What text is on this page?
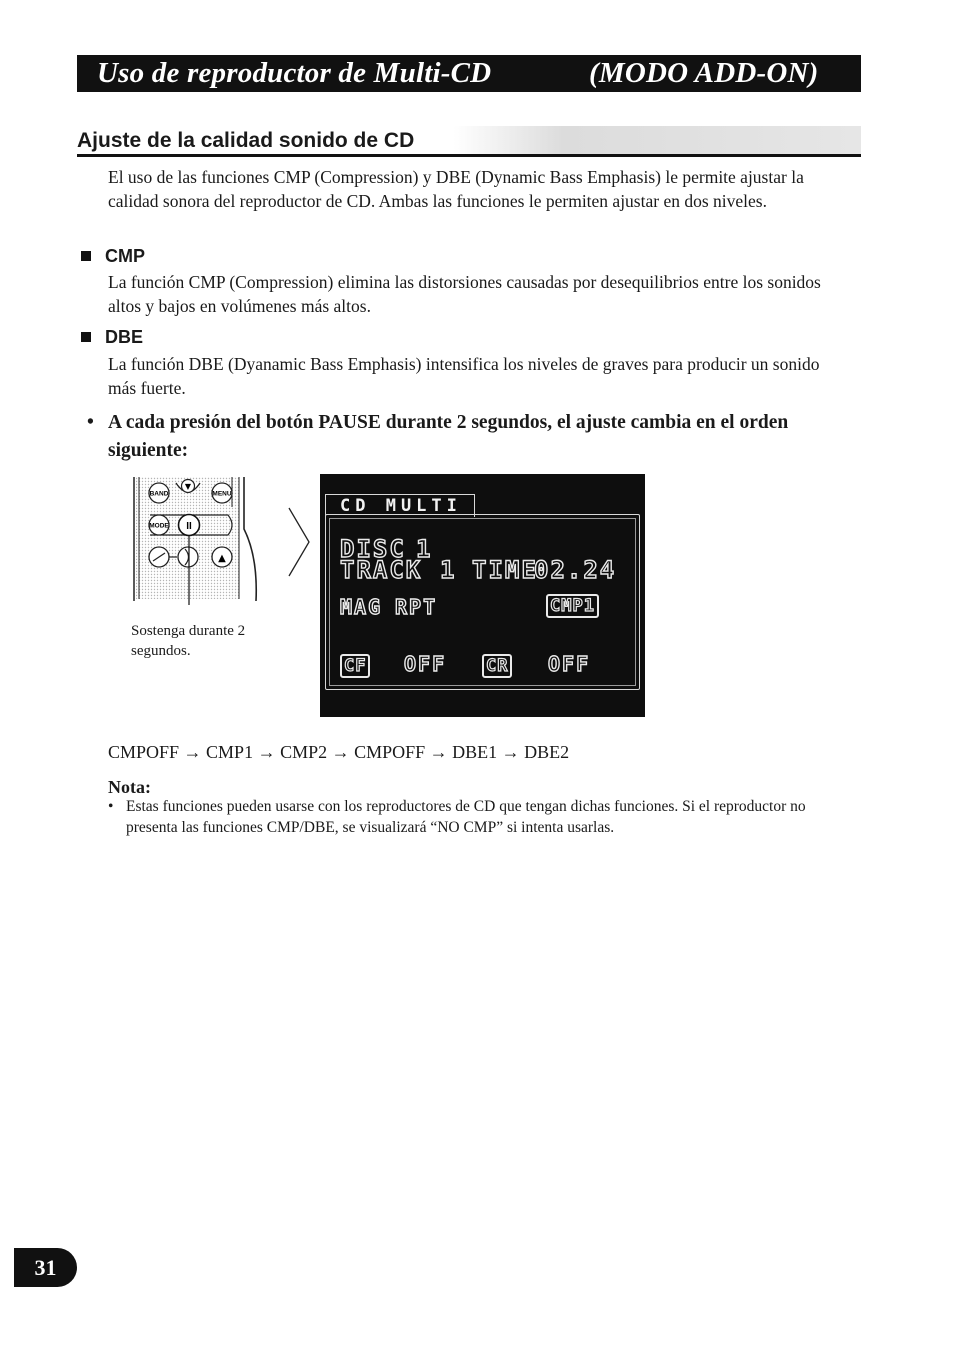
Uso de reproductor de Multi-CD	(MODO ADD-ON)
Ajuste de la calidad sonido de CD

El uso de las funciones CMP (Compression) y DBE (Dynamic Bass Emphasis) le permite ajustar la calidad sonora del reproductor de CD. Ambas las funciones le permiten ajustar en dos niveles.

CMP

La función CMP (Compression) elimina las distorsiones causadas por desequilibrios entre los sonidos altos y bajos en volúmenes más altos.

DBE

La función DBE (Dyanamic Bass Emphasis) intensifica los niveles de graves para producir un sonido más fuerte.

• A cada presión del botón PAUSE durante 2 segundos, el ajuste cambia en el orden siguiente:
BAND
▼
MENU
MODE II
▲
Sostenga durante 2 segundos.
CD MULTI
DISC 1
TRACK 1 TIME
02.24
MAG RPT	CMP1
CF OFF CR OFF
CMPOFF → CMP1 → CMP2 → CMPOFF → DBE1 → DBE2
Nota:
• Estas funciones pueden usarse con los reproductores de CD que tengan dichas funciones. Si el reproductor no presenta las funciones CMP/DBE, se visualizará “NO CMP” si intenta usarlas.
31
